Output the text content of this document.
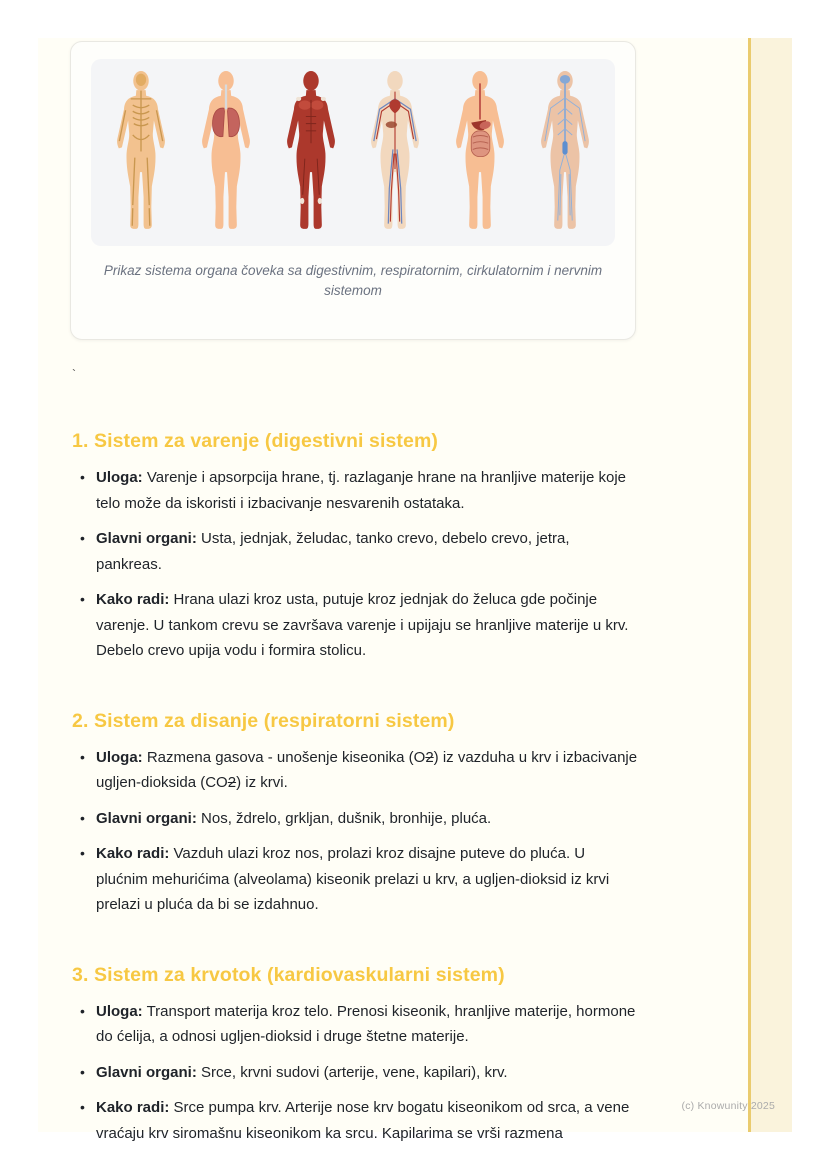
Prikaz sistema organa čoveka sa digestivnim, respiratornim, cirkulatornim i nervnim sistemom
`
1. Sistem za varenje (digestivni sistem)
• Uloga: Varenje i apsorpcija hrane, tj. razlaganje hrane na hranljive materije koje telo može da iskoristi i izbacivanje nesvarenih ostataka.
• Glavni organi: Usta, jednjak, želudac, tanko crevo, debelo crevo, jetra, pankreas.
• Kako radi: Hrana ulazi kroz usta, putuje kroz jednjak do želuca gde počinje varenje. U tankom crevu se završava varenje i upijaju se hranljive materije u krv. Debelo crevo upija vodu i formira stolicu.
2. Sistem za disanje (respiratorni sistem)
• Uloga: Razmena gasova - unošenje kiseonika (O2) iz vazduha u krv i izbacivanje ugljen-dioksida (CO2) iz krvi.
• Glavni organi: Nos, ždrelo, grkljan, dušnik, bronhije, pluća.
• Kako radi: Vazduh ulazi kroz nos, prolazi kroz disajne puteve do pluća. U plućnim mehurićima (alveolama) kiseonik prelazi u krv, a ugljen-dioksid iz krvi prelazi u pluća da bi se izdahnuo.
3. Sistem za krvotok (kardiovaskularni sistem)
• Uloga: Transport materija kroz telo. Prenosi kiseonik, hranljive materije, hormone do ćelija, a odnosi ugljen-dioksid i druge štetne materije.
• Glavni organi: Srce, krvni sudovi (arterije, vene, kapilari), krv.
• Kako radi: Srce pumpa krv. Arterije nose krv bogatu kiseonikom od srca, a vene vraćaju krv siromašnu kiseonikom ka srcu. Kapilarima se vrši razmena
(c) Knowunity 2025
